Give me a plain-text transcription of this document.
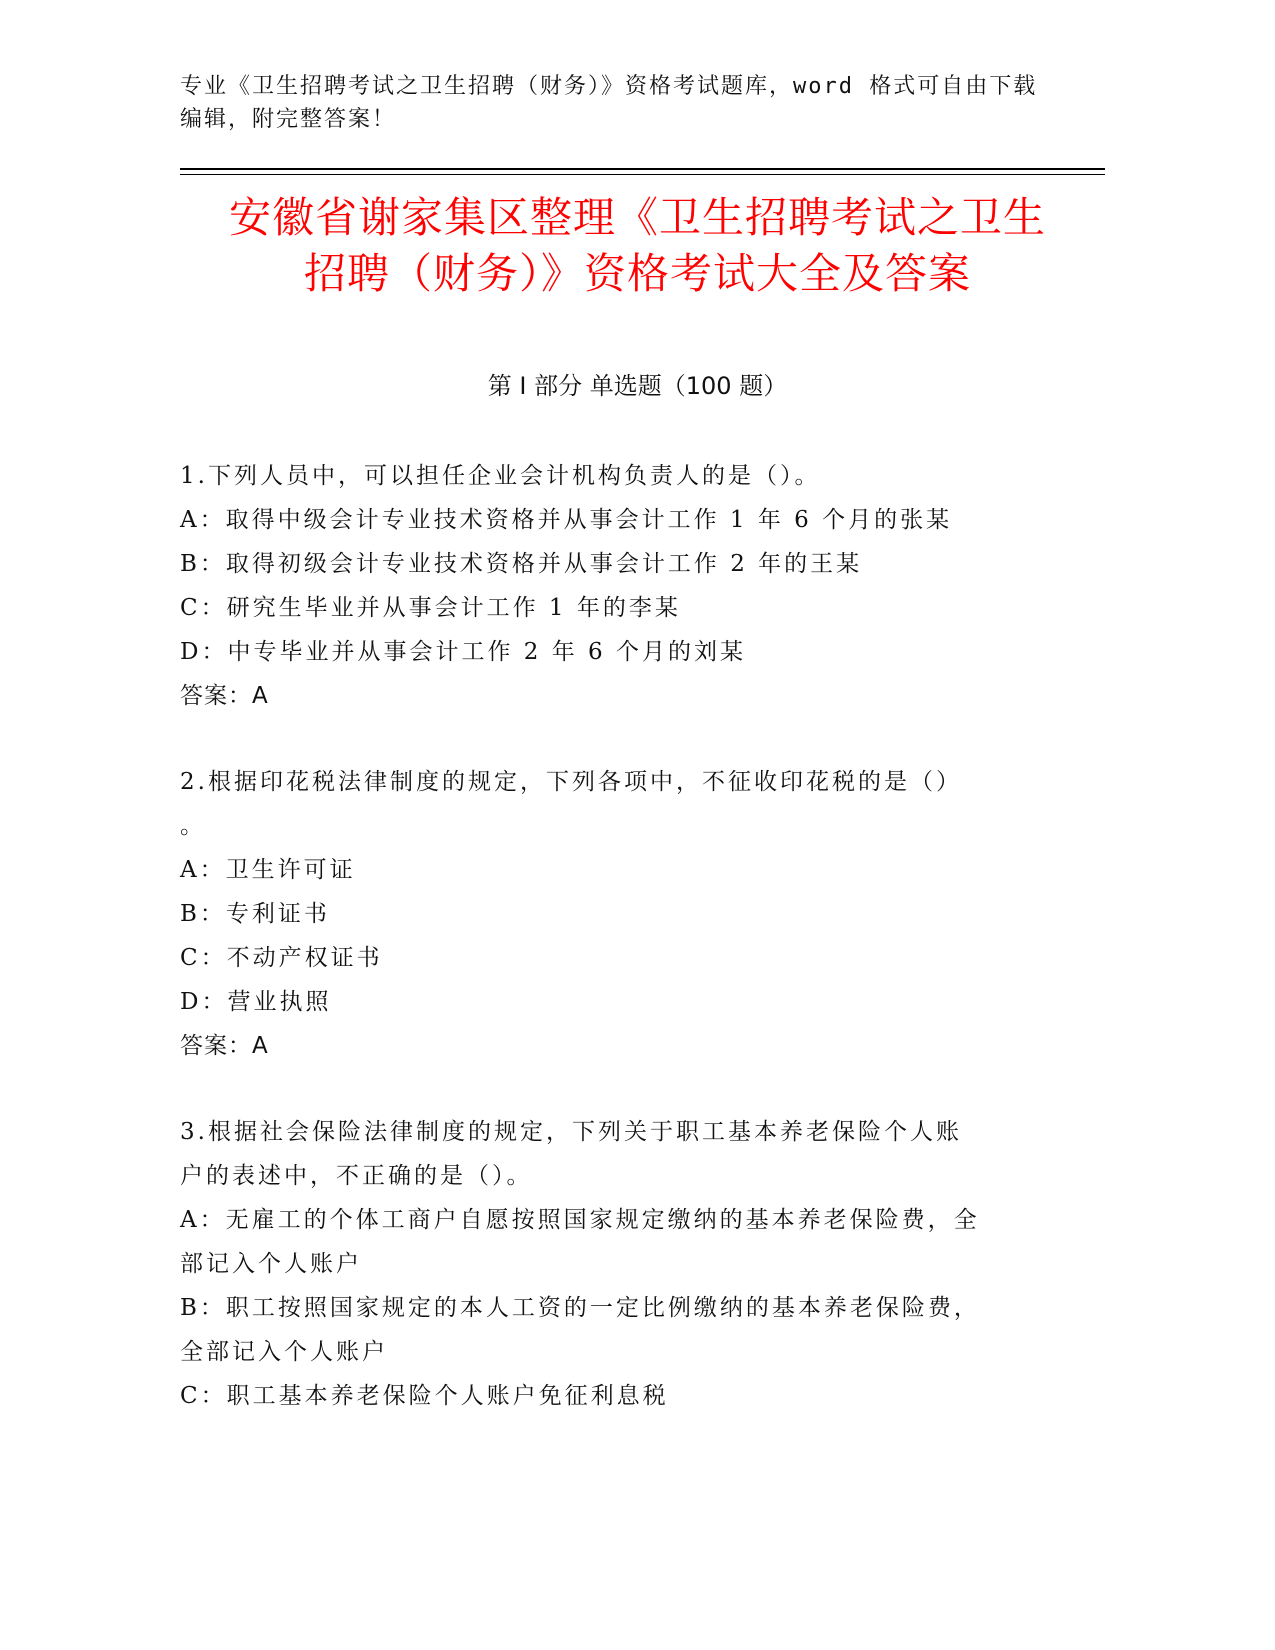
专业《卫生招聘考试之卫生招聘（财务）》资格考试题库，word 格式可自由下载
编辑，附完整答案！
安徽省谢家集区整理《卫生招聘考试之卫生
招聘（财务）》资格考试大全及答案
第 I 部分 单选题（100 题）

1.下列人员中，可以担任企业会计机构负责人的是（）。

A：取得中级会计专业技术资格并从事会计工作 1 年 6 个月的张某

B：取得初级会计专业技术资格并从事会计工作 2 年的王某

C：研究生毕业并从事会计工作 1 年的李某

D：中专毕业并从事会计工作 2 年 6 个月的刘某

答案：A

2.根据印花税法律制度的规定，下列各项中，不征收印花税的是（）

。

A：卫生许可证

B：专利证书

C：不动产权证书

D：营业执照

答案：A

3.根据社会保险法律制度的规定，下列关于职工基本养老保险个人账

户的表述中，不正确的是（）。

A：无雇工的个体工商户自愿按照国家规定缴纳的基本养老保险费，全

部记入个人账户

B：职工按照国家规定的本人工资的一定比例缴纳的基本养老保险费，

全部记入个人账户

C：职工基本养老保险个人账户免征利息税
